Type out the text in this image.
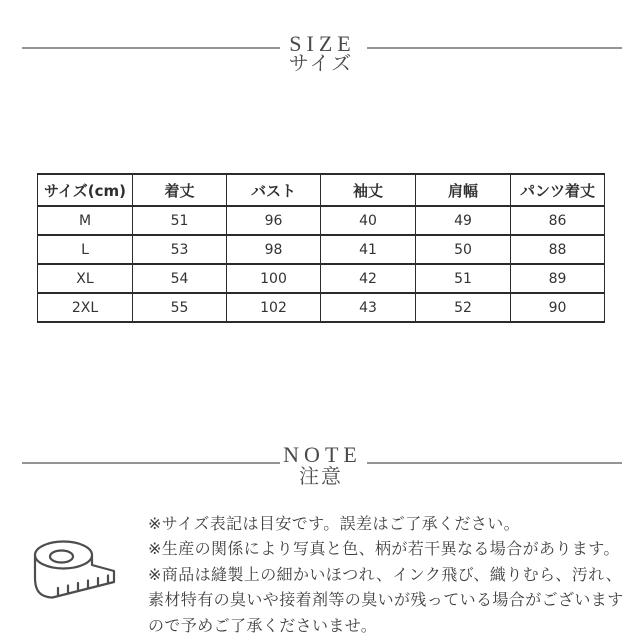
SIZE
サイズ
サイズ(cm)	着丈	バスト	袖丈	肩幅	パンツ着丈
M	51	96	40	49	86
L	53	98	41	50	88
XL	54	100	42	51	89
2XL	55	102	43	52	90
NOTE
注意
※サイズ表記は目安です。誤差はご了承ください。
※生産の関係により写真と色、柄が若干異なる場合があります。
※商品は縫製上の細かいほつれ、インク飛び、織りむら、汚れ、
素材特有の臭いや接着剤等の臭いが残っている場合がございます
ので予めご了承くださいませ。
